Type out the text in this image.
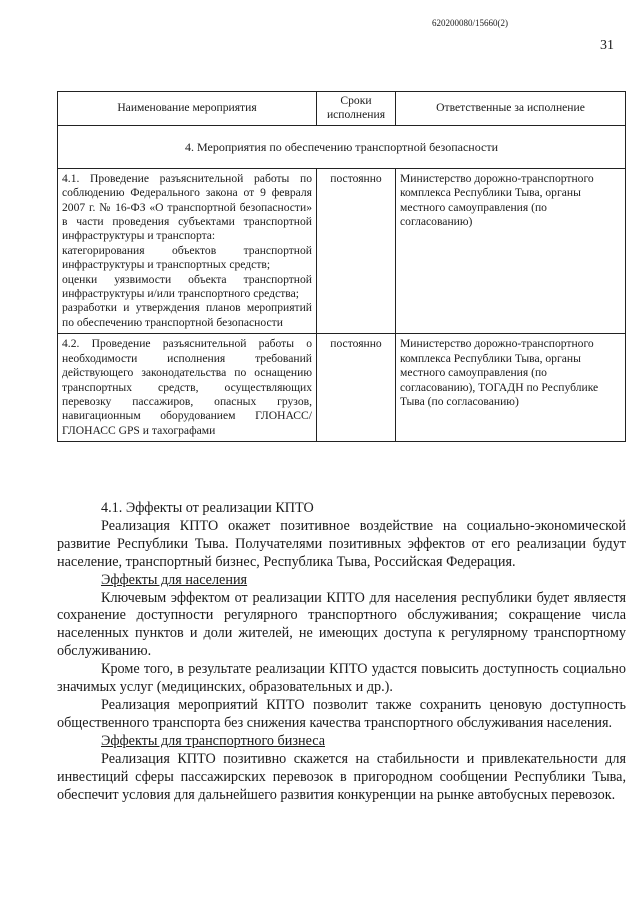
620200080/15660(2)
31
Наименование мероприятия	Сроки исполнения	Ответственные за исполнение
4. Мероприятия по обеспечению транспортной безопасности		

4.1. Проведение разъяснительной работы по соблюдению Федерального закона от 9 февраля 2007 г. № 16-ФЗ «О транспортной безопасности» в части проведения субъектами транспортной инфраструктуры и транспорта:
категорирования объектов транспортной инфраструктуры и транспортных средств;
оценки уязвимости объекта транспортной инфраструктуры и/или транспортного средства;
разработки и утверждения планов мероприятий по обеспечению транспортной безопасности	постоянно	Министерство дорожно-транспортного комплекса Республики Тыва, органы местного самоуправления (по согласованию)

4.2. Проведение разъяснительной работы о необходимости исполнения требований действующего законодательства по оснащению транспортных средств, осуществляющих перевозку пассажиров, опасных грузов, навигационным оборудованием ГЛОНАСС/ГЛОНАСС GPS и тахографами	постоянно	Министерство дорожно-транспортного комплекса Республики Тыва, органы местного самоуправления (по согласованию), ТОГАДН по Республике Тыва (по согласованию)

4.1. Эффекты от реализации КПТО

Реализация КПТО окажет позитивное воздействие на социально-экономической развитие Республики Тыва. Получателями позитивных эффектов от его реализации будут население, транспортный бизнес, Республика Тыва, Российская Федерация.

Эффекты для населения

Ключевым эффектом от реализации КПТО для населения республики будет являестя сохранение доступности регулярного транспортного обслуживания; сокращение числа населенных пунктов и доли жителей, не имеющих доступа к регулярному транспортному обслуживанию.

Кроме того, в результате реализации КПТО удастся повысить доступность социально значимых услуг (медицинских, образовательных и др.).

Реализация мероприятий КПТО позволит также сохранить ценовую доступность общественного транспорта без снижения качества транспортного обслуживания населения.

Эффекты для транспортного бизнеса

Реализация КПТО позитивно скажется на стабильности и привлекательности для инвестиций сферы пассажирских перевозок в пригородном сообщении Республики Тыва, обеспечит условия для дальнейшего развития конкуренции на рынке автобусных перевозок.
